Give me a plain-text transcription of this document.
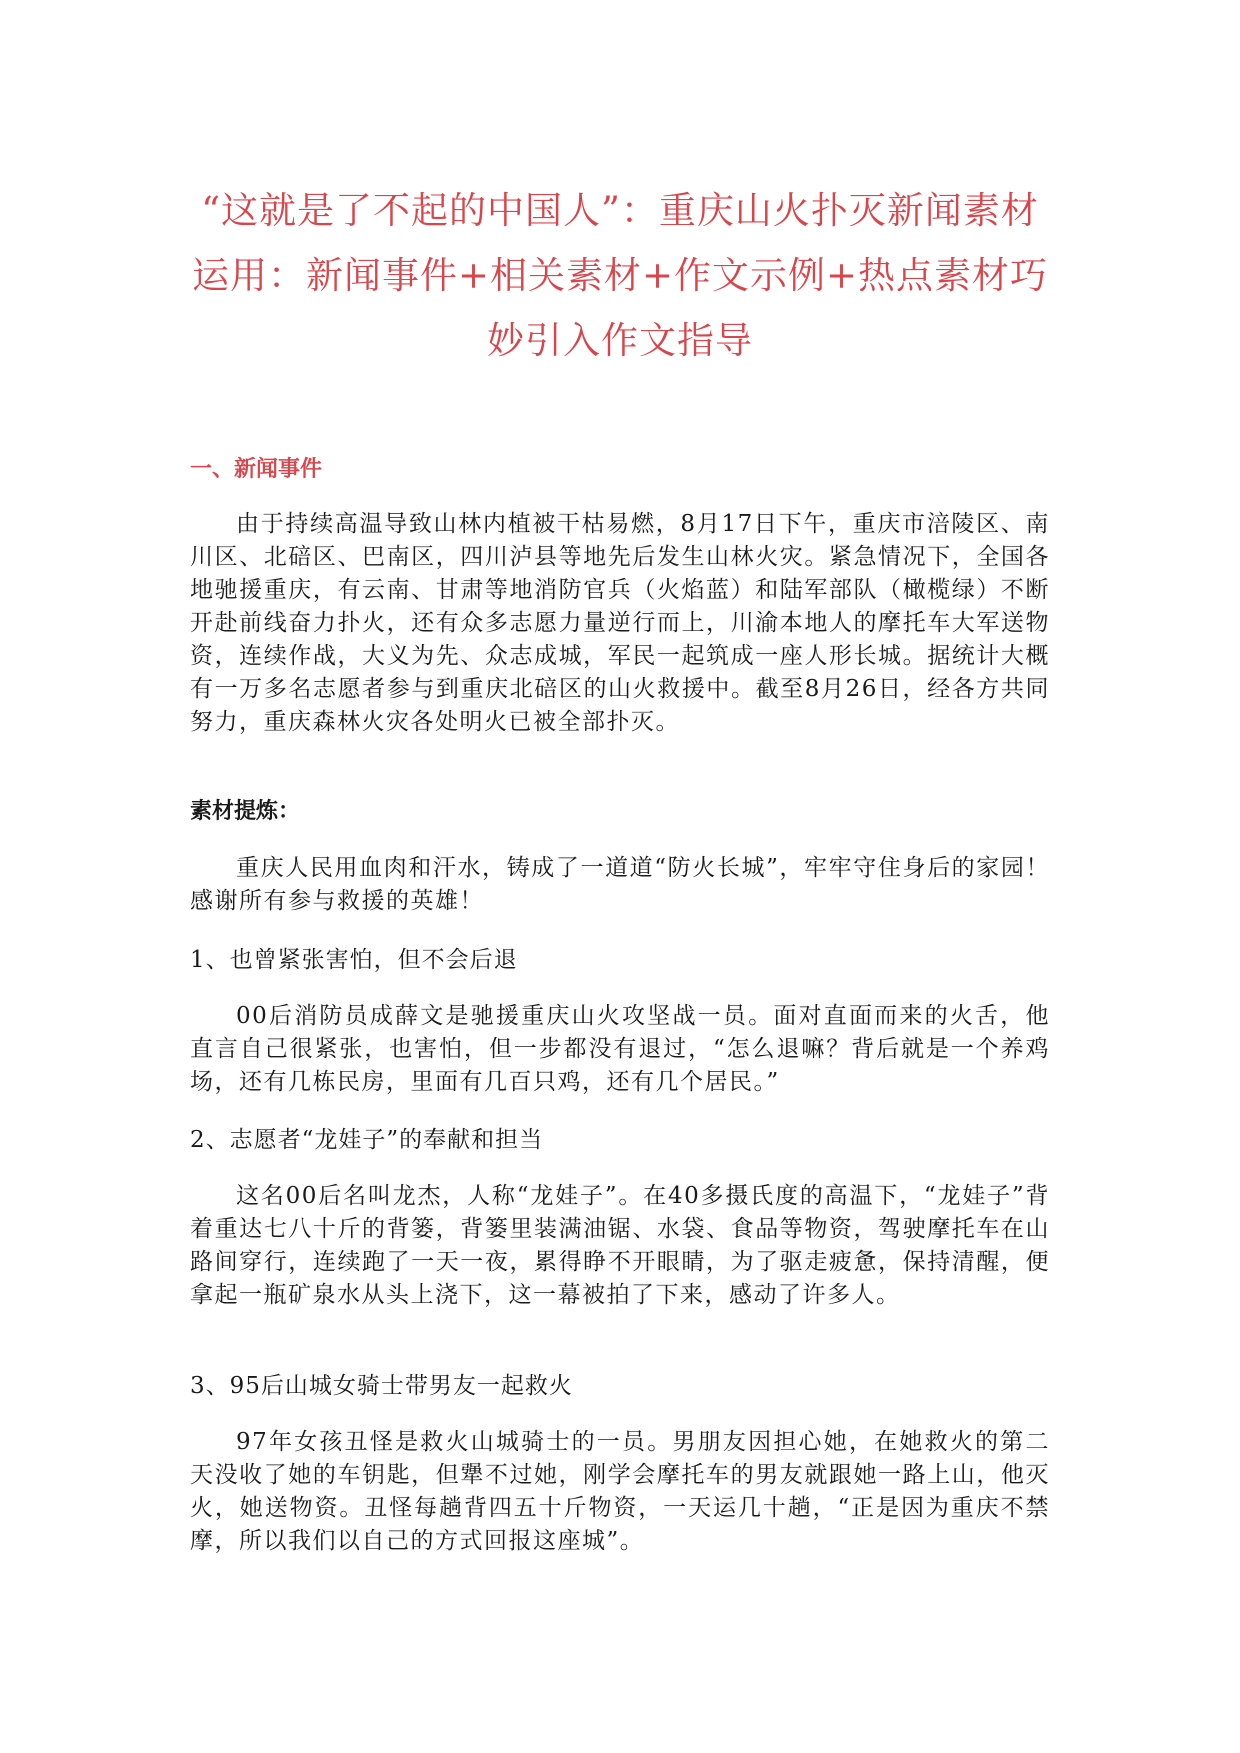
“这就是了不起的中国人”：重庆山火扑灭新闻素材
运用：新闻事件+相关素材+作文示例+热点素材巧
妙引入作文指导
一、新闻事件

由于持续高温导致山林内植被干枯易燃，8月17日下午，重庆市涪陵区、南川区、北碚区、巴南区，四川泸县等地先后发生山林火灾。紧急情况下，全国各地驰援重庆，有云南、甘肃等地消防官兵（火焰蓝）和陆军部队（橄榄绿）不断开赴前线奋力扑火，还有众多志愿力量逆行而上，川渝本地人的摩托车大军送物资，连续作战，大义为先、众志成城，军民一起筑成一座人形长城。据统计大概有一万多名志愿者参与到重庆北碚区的山火救援中。截至8月26日，经各方共同努力，重庆森林火灾各处明火已被全部扑灭。

素材提炼：

重庆人民用血肉和汗水，铸成了一道道“防火长城”，牢牢守住身后的家园！感谢所有参与救援的英雄！

1、也曾紧张害怕，但不会后退

00后消防员成薛文是驰援重庆山火攻坚战一员。面对直面而来的火舌，他直言自己很紧张，也害怕，但一步都没有退过，“怎么退嘛？背后就是一个养鸡场，还有几栋民房，里面有几百只鸡，还有几个居民。”

2、志愿者“龙娃子”的奉献和担当

这名00后名叫龙杰，人称“龙娃子”。在40多摄氏度的高温下，“龙娃子”背着重达七八十斤的背篓，背篓里装满油锯、水袋、食品等物资，驾驶摩托车在山路间穿行，连续跑了一天一夜，累得睁不开眼睛，为了驱走疲惫，保持清醒，便拿起一瓶矿泉水从头上浇下，这一幕被拍了下来，感动了许多人。

3、95后山城女骑士带男友一起救火

97年女孩丑怪是救火山城骑士的一员。男朋友因担心她，在她救火的第二天没收了她的车钥匙，但犟不过她，刚学会摩托车的男友就跟她一路上山，他灭火，她送物资。丑怪每趟背四五十斤物资，一天运几十趟，“正是因为重庆不禁摩，所以我们以自己的方式回报这座城”。
